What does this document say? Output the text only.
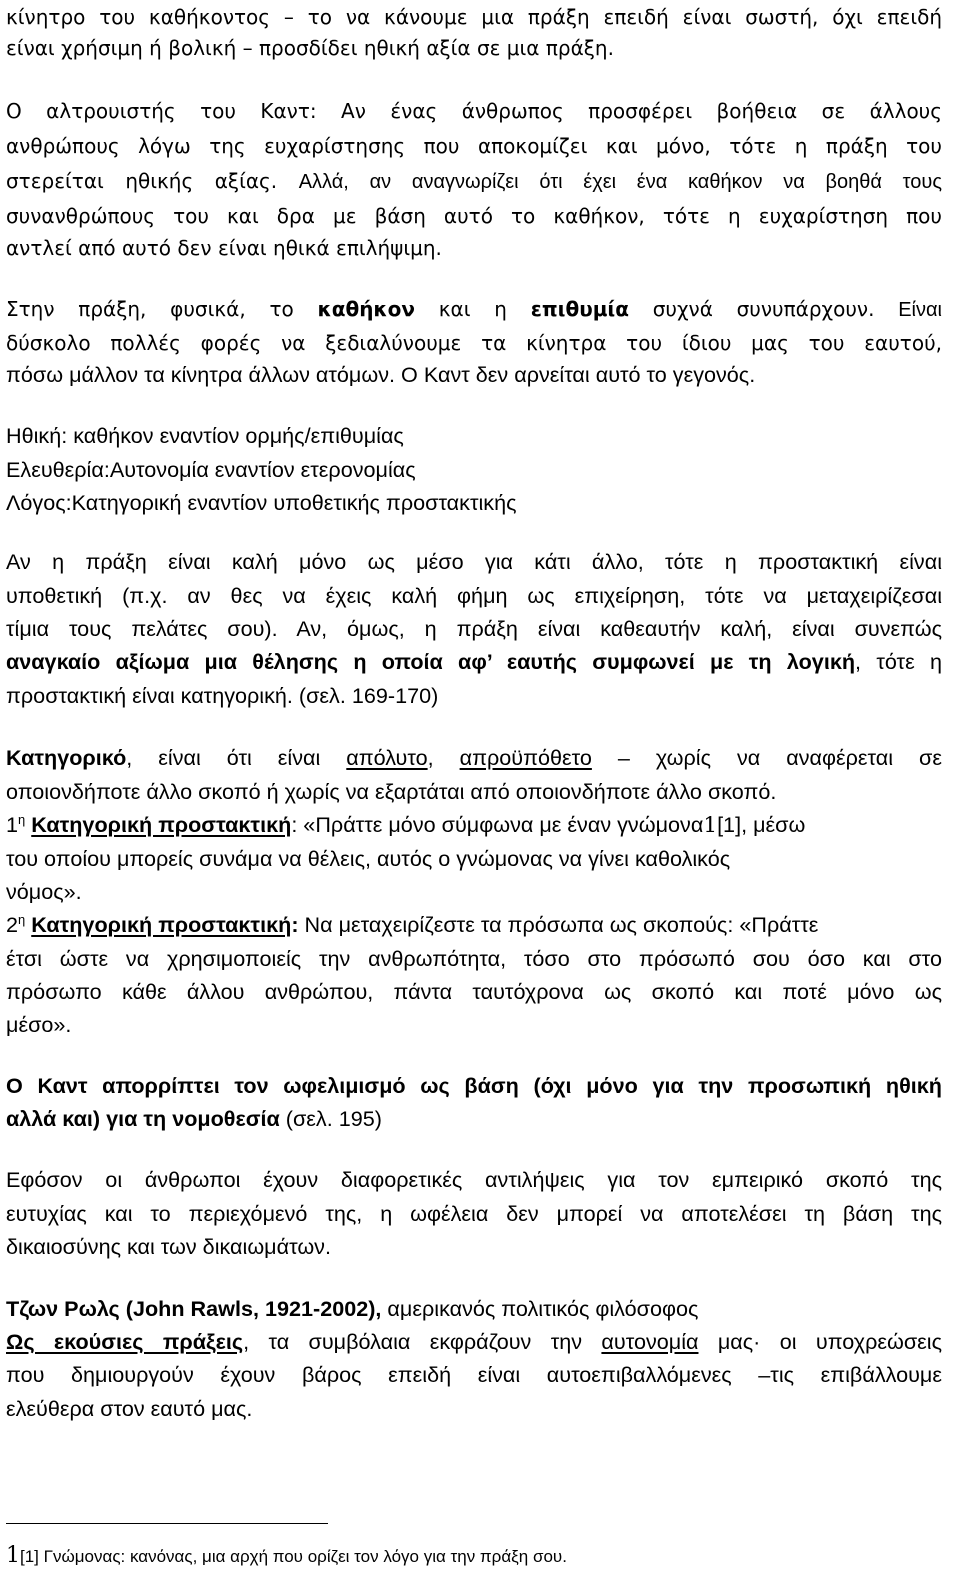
κίνητρο του καθήκοντος – το να κάνουμε μια πράξη επειδή είναι σωστή, όχι επειδή
είναι χρήσιμη ή βολική – προσδίδει ηθική αξία σε μια πράξη.
Ο αλτρουιστής του Καντ: Αν ένας άνθρωπος προσφέρει βοήθεια σε άλλους
ανθρώπους λόγω της ευχαρίστησης που αποκομίζει και μόνο, τότε η πράξη του
στερείται ηθικής αξίας. Αλλά, αν αναγνωρίζει ότι έχει ένα καθήκον να βοηθά τους
συνανθρώπους του και δρα με βάση αυτό το καθήκον, τότε η ευχαρίστηση που
αντλεί από αυτό δεν είναι ηθικά επιλήψιμη.
Στην πράξη, φυσικά, το καθήκον και η επιθυμία συχνά συνυπάρχουν. Είναι
δύσκολο πολλές φορές να ξεδιαλύνουμε τα κίνητρα του ίδιου μας του εαυτού,
πόσω μάλλον τα κίνητρα άλλων ατόμων. Ο Καντ δεν αρνείται αυτό το γεγονός.
Ηθική: καθήκον εναντίον ορμής/επιθυμίας
Ελευθερία:Αυτονομία εναντίον ετερονομίας
Λόγος:Κατηγορική εναντίον υποθετικής προστακτικής
Αν η πράξη είναι καλή μόνο ως μέσο για κάτι άλλο, τότε η προστακτική είναι
υποθετική (π.χ. αν θες να έχεις καλή φήμη ως επιχείρηση, τότε να μεταχειρίζεσαι
τίμια τους πελάτες σου). Αν, όμως, η πράξη είναι καθεαυτήν καλή, είναι συνεπώς
αναγκαίο αξίωμα μια θέλησης η οποία αφ’ εαυτής συμφωνεί με τη λογική, τότε η
προστακτική είναι κατηγορική. (σελ. 169-170)
Κατηγορικό, είναι ότι είναι απόλυτο, απροϋπόθετο – χωρίς να αναφέρεται σε
οποιονδήποτε άλλο σκοπό ή χωρίς να εξαρτάται από οποιονδήποτε άλλο σκοπό.
$1^\eta$ Κατηγορική προστακτική: «Πράττε μόνο σύμφωνα με έναν γνώμονα1[1], μέσω
του οποίου μπορείς συνάμα να θέλεις, αυτός ο γνώμονας να γίνει καθολικός
νόμος».
$2^\eta$ Κατηγορική προστακτική: Να μεταχειρίζεστε τα πρόσωπα ως σκοπούς: «Πράττε
έτσι ώστε να χρησιμοποιείς την ανθρωπότητα, τόσο στο πρόσωπό σου όσο και στο
πρόσωπο κάθε άλλου ανθρώπου, πάντα ταυτόχρονα ως σκοπό και ποτέ μόνο ως
μέσο».
Ο Καντ απορρίπτει τον ωφελιμισμό ως βάση (όχι μόνο για την προσωπική ηθική
αλλά και) για τη νομοθεσία (σελ. 195)
Εφόσον οι άνθρωποι έχουν διαφορετικές αντιλήψεις για τον εμπειρικό σκοπό της
ευτυχίας και το περιεχόμενό της, η ωφέλεια δεν μπορεί να αποτελέσει τη βάση της
δικαιοσύνης και των δικαιωμάτων.
Τζων Ρωλς (John Rawls, 1921-2002), αμερικανός πολιτικός φιλόσοφος
Ως εκούσιες πράξεις, τα συμβόλαια εκφράζουν την αυτονομία μας· οι υποχρεώσεις
που δημιουργούν έχουν βάρος επειδή είναι αυτοεπιβαλλόμενες –τις επιβάλλουμε
ελεύθερα στον εαυτό μας.
1[1] Γνώμονας: κανόνας, μια αρχή που ορίζει τον λόγο για την πράξη σου.
